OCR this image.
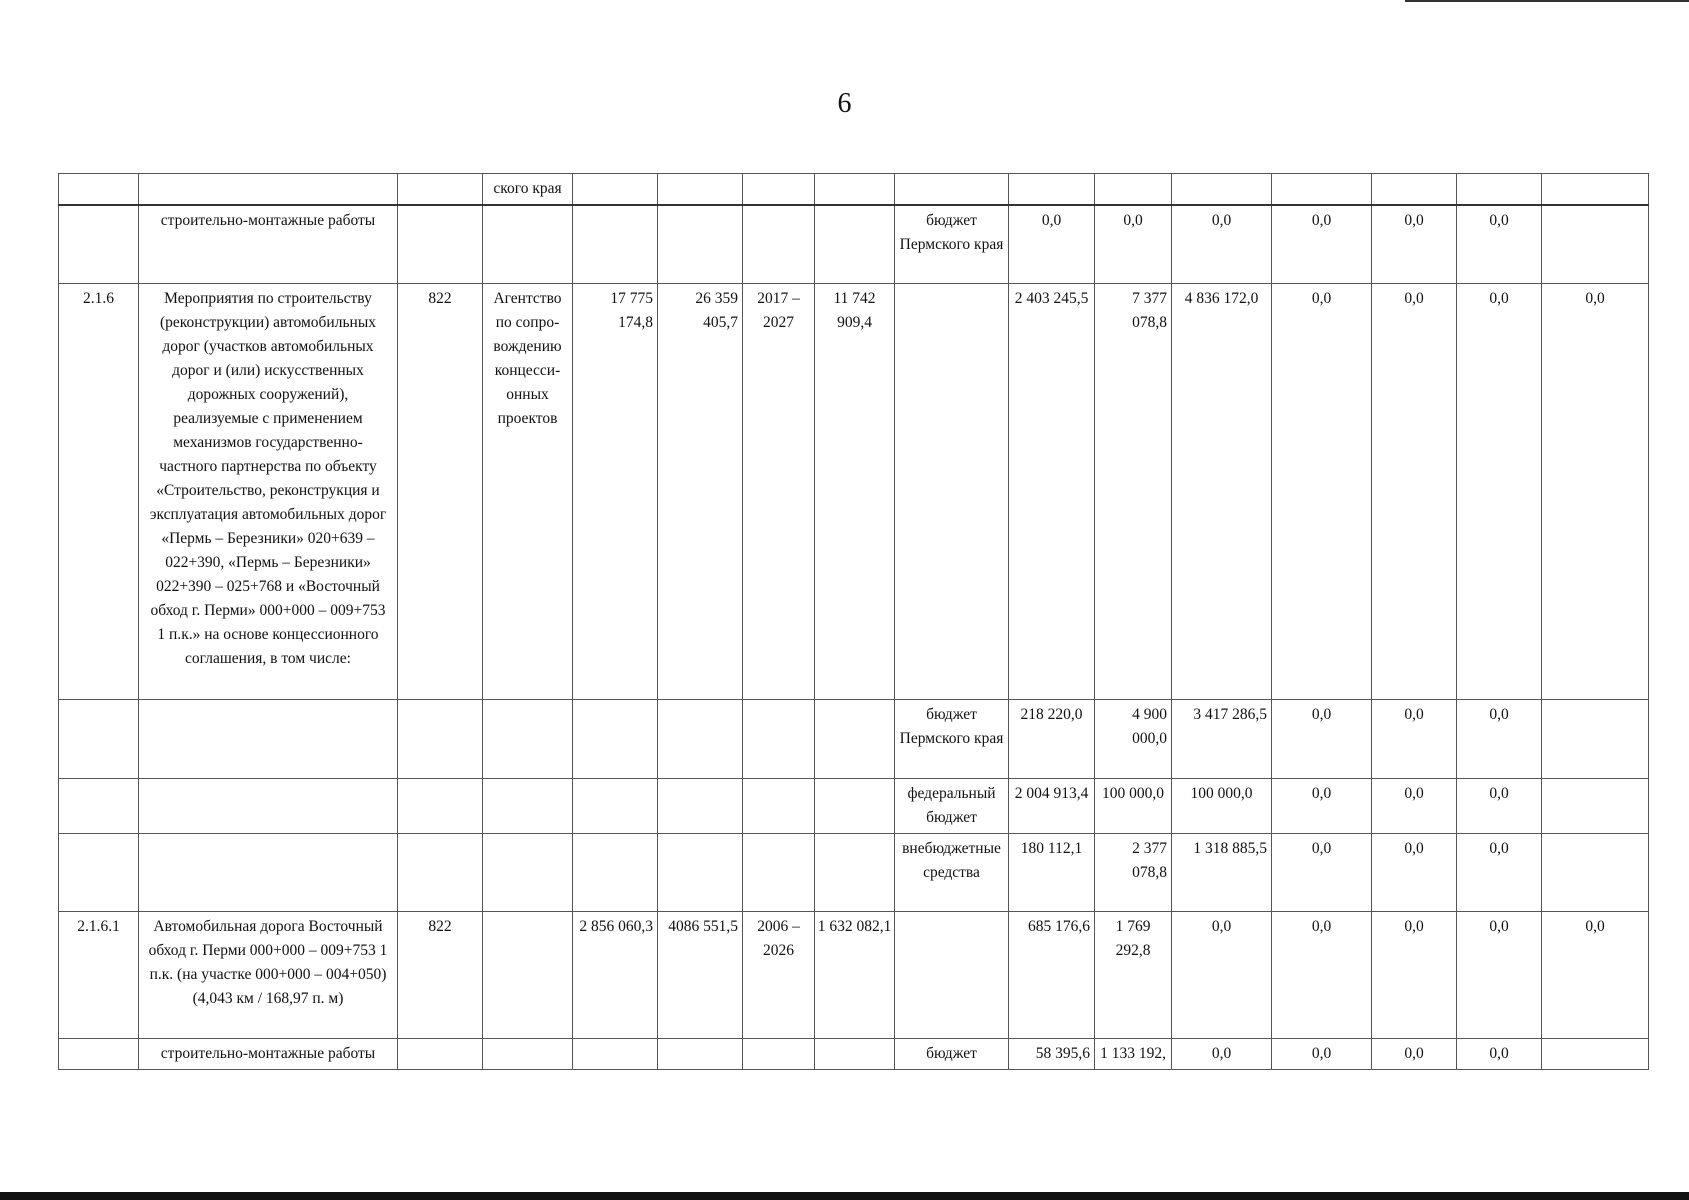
6
			ского края												
	строительно-монтажные работы							бюджет Пермского края	0,0	0,0	0,0	0,0	0,0	0,0	
2.1.6	Мероприятия по строительству (реконструкции) автомобильных дорог (участков автомобильных дорог и (или) искусственных дорожных сооружений), реализуемые с применением механизмов государственно-частного партнерства по объекту «Строительство, реконструкция и эксплуатация автомобильных дорог «Пермь – Березники» 020+639 – 022+390, «Пермь – Березники» 022+390 – 025+768 и «Восточный обход г. Перми» 000+000 – 009+753 1 п.к.» на основе концессионного соглашения, в том числе:	822	Агентство по сопро-вождению концесси-онных проектов	17 775 174,8	26 359 405,7	2017 – 2027	11 742 909,4		2 403 245,5	7 377 078,8	4 836 172,0	0,0	0,0	0,0	0,0
								бюджет Пермского края	218 220,0	4 900 000,0	3 417 286,5	0,0	0,0	0,0	
								федеральный бюджет	2 004 913,4	100 000,0	100 000,0	0,0	0,0	0,0	
								внебюджетные средства	180 112,1	2 377 078,8	1 318 885,5	0,0	0,0	0,0	
2.1.6.1	Автомобильная дорога Восточный обход г. Перми 000+000 – 009+753 1 п.к. (на участке 000+000 – 004+050) (4,043 км / 168,97 п. м)	822		2 856 060,3	4086 551,5	2006 – 2026	1 632 082,1		685 176,6	1 769 292,8	0,0	0,0	0,0	0,0	0,0
	строительно-монтажные работы							бюджет	58 395,6	1 133 192,	0,0	0,0	0,0	0,0	
